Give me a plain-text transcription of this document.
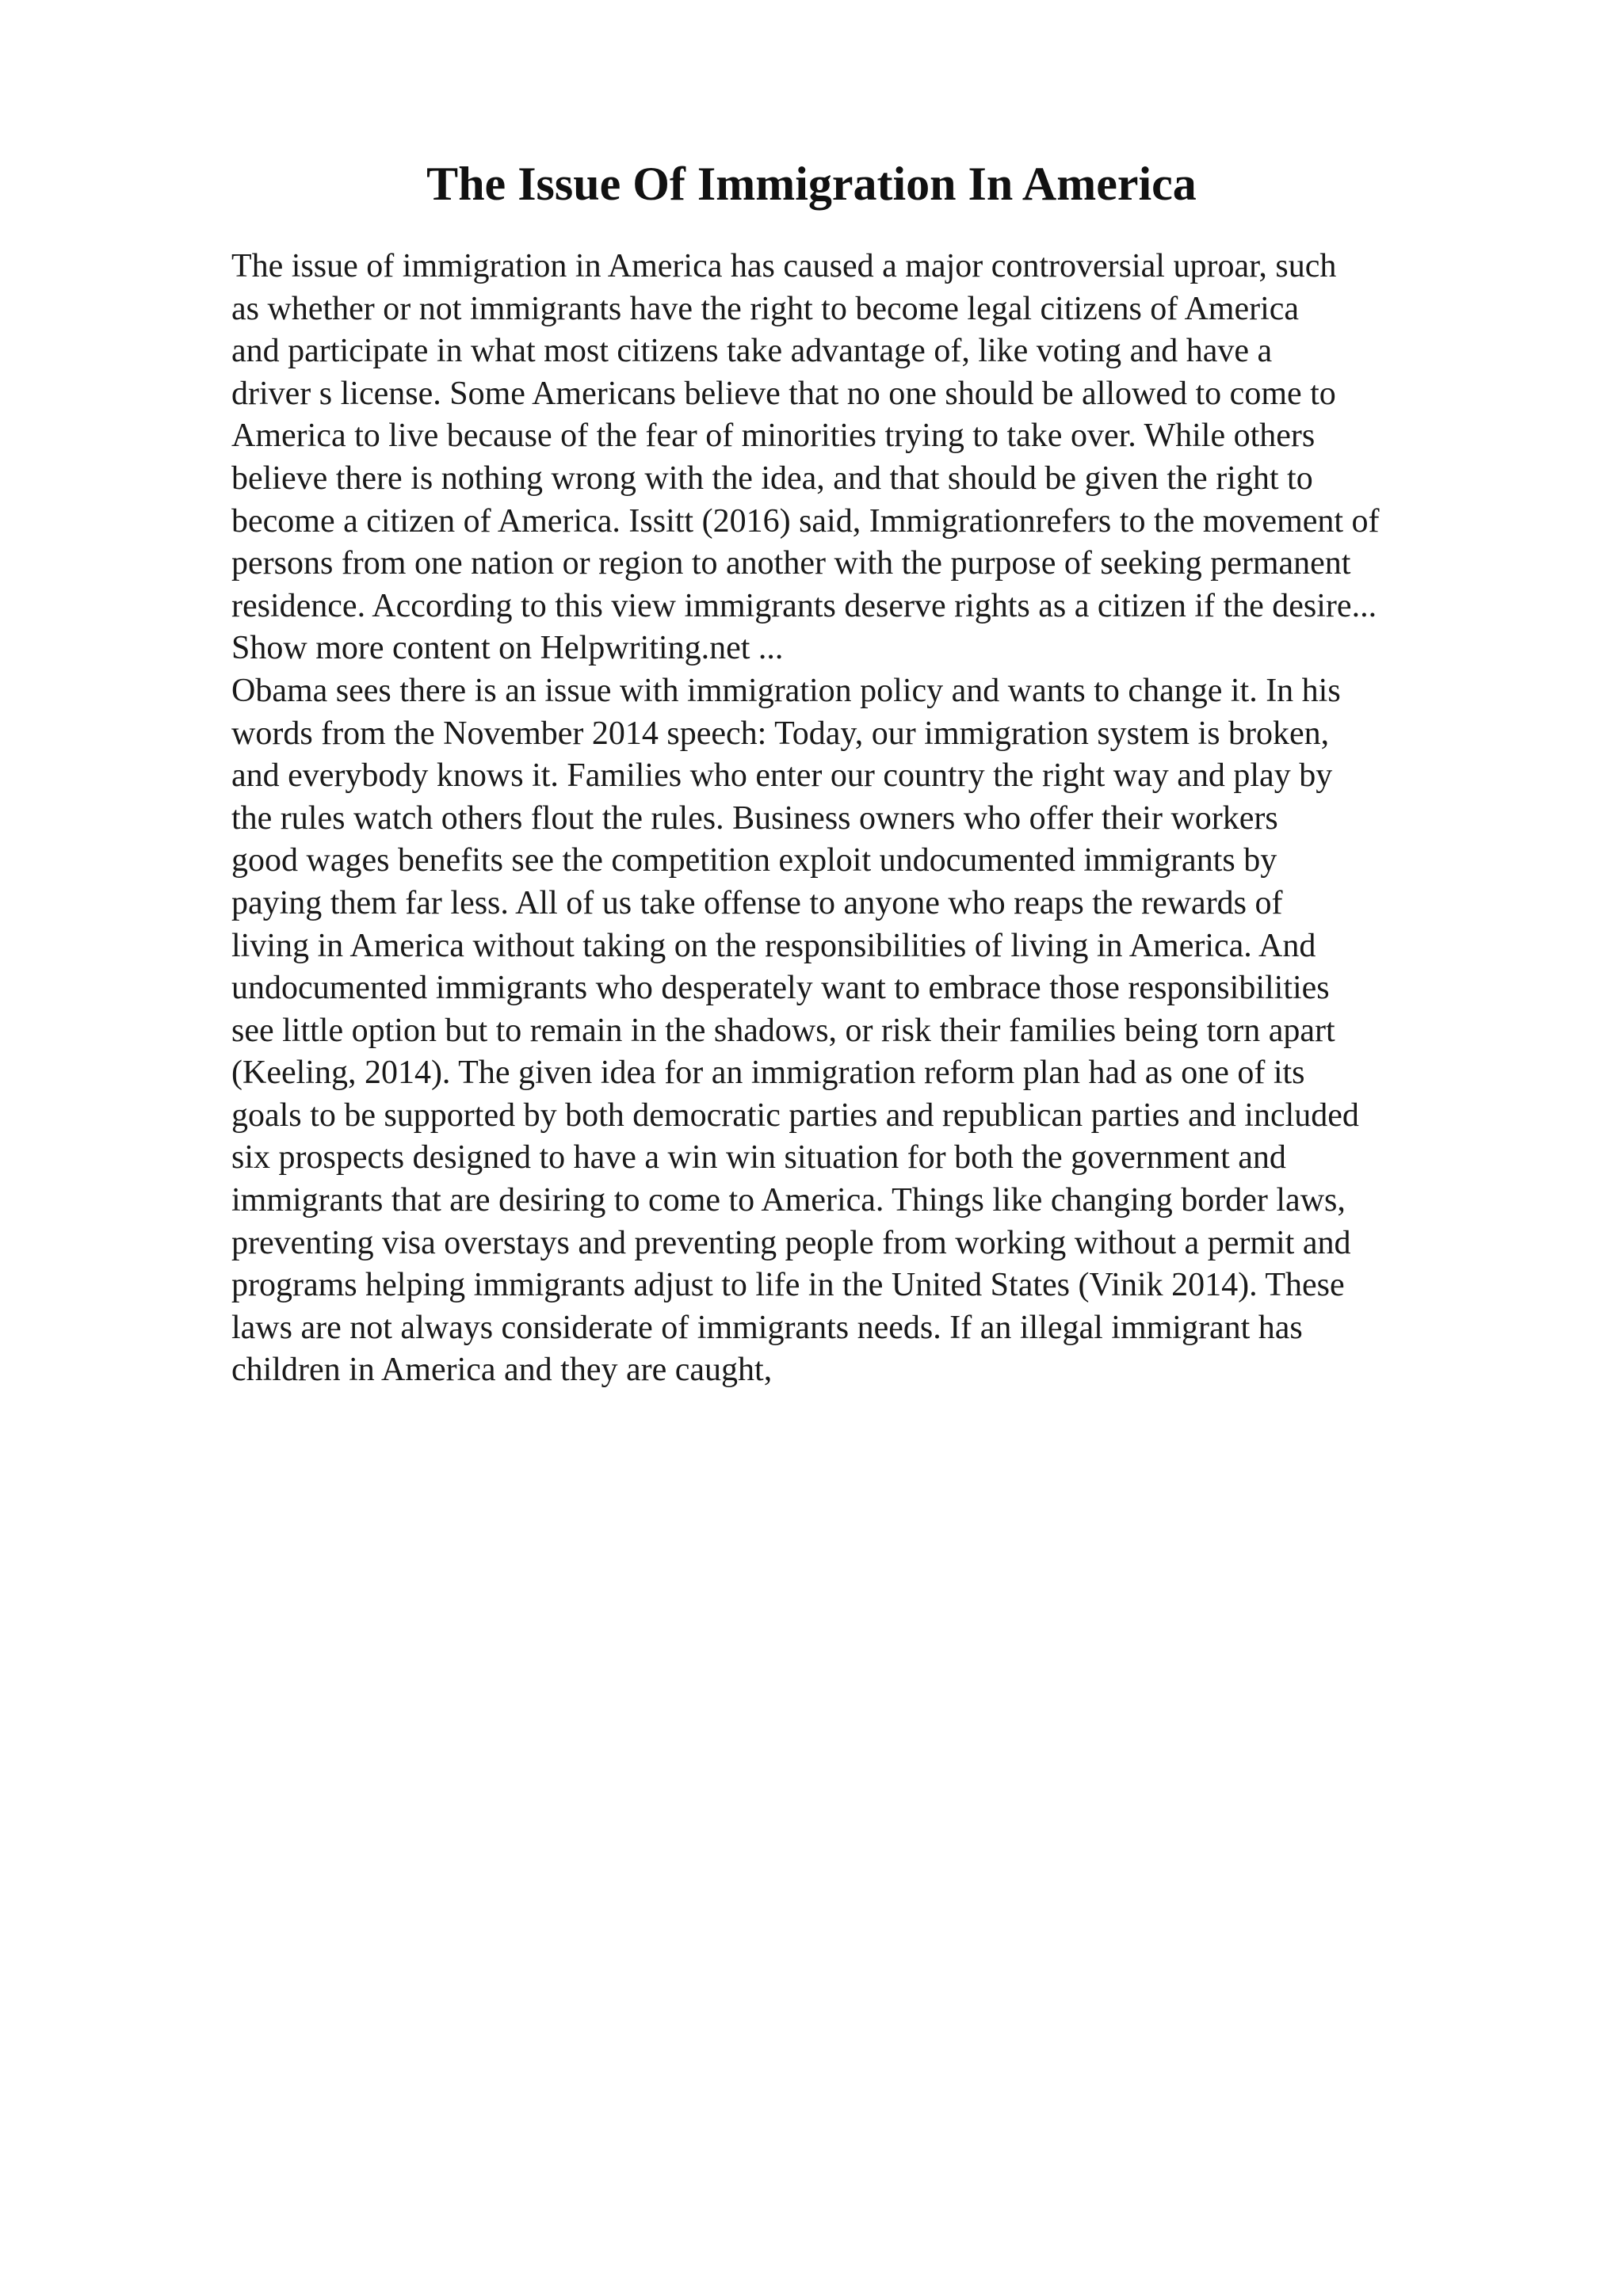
The Issue Of Immigration In America
The issue of immigration in America has caused a major controversial uproar, such
as whether or not immigrants have the right to become legal citizens of America
and participate in what most citizens take advantage of, like voting and have a
driver s license. Some Americans believe that no one should be allowed to come to
America to live because of the fear of minorities trying to take over. While others
believe there is nothing wrong with the idea, and that should be given the right to
become a citizen of America. Issitt (2016) said, Immigrationrefers to the movement of
persons from one nation or region to another with the purpose of seeking permanent
residence. According to this view immigrants deserve rights as a citizen if the desire...
Show more content on Helpwriting.net ...
Obama sees there is an issue with immigration policy and wants to change it. In his
words from the November 2014 speech: Today, our immigration system is broken,
and everybody knows it. Families who enter our country the right way and play by
the rules watch others flout the rules. Business owners who offer their workers
good wages benefits see the competition exploit undocumented immigrants by
paying them far less. All of us take offense to anyone who reaps the rewards of
living in America without taking on the responsibilities of living in America. And
undocumented immigrants who desperately want to embrace those responsibilities
see little option but to remain in the shadows, or risk their families being torn apart
(Keeling, 2014). The given idea for an immigration reform plan had as one of its
goals to be supported by both democratic parties and republican parties and included
six prospects designed to have a win win situation for both the government and
immigrants that are desiring to come to America. Things like changing border laws,
preventing visa overstays and preventing people from working without a permit and
programs helping immigrants adjust to life in the United States (Vinik 2014). These
laws are not always considerate of immigrants needs. If an illegal immigrant has
children in America and they are caught,
